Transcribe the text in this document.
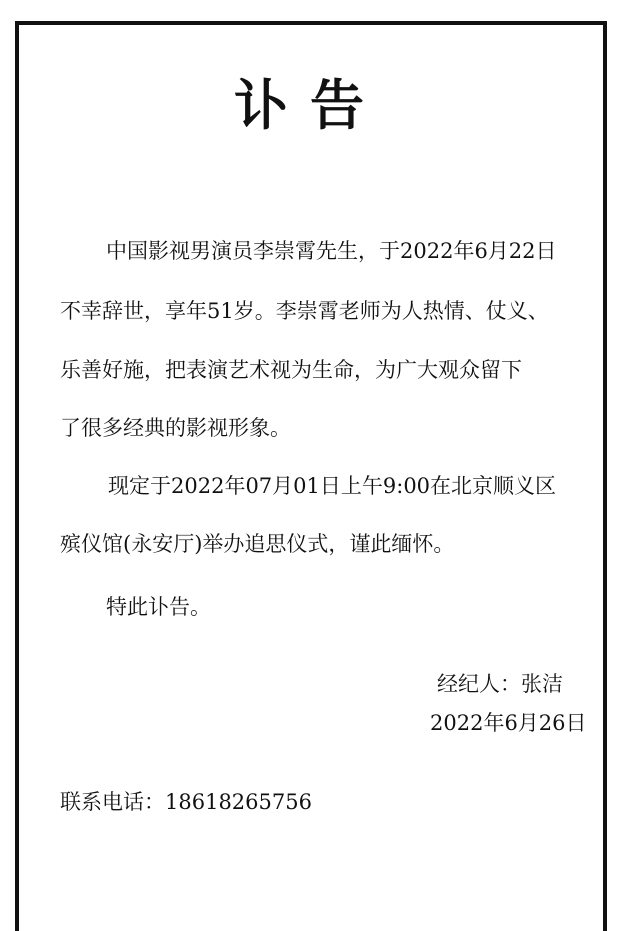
讣告
中国影视男演员李崇霄先生，于2022年6月22日
不幸辞世，享年51岁。李崇霄老师为人热情、仗义、
乐善好施，把表演艺术视为生命，为广大观众留下
了很多经典的影视形象。
现定于2022年07月01日上午9:00在北京顺义区
殡仪馆(永安厅)举办追思仪式，谨此缅怀。
特此讣告。
经纪人：张洁
2022年6月26日
联系电话：18618265756
